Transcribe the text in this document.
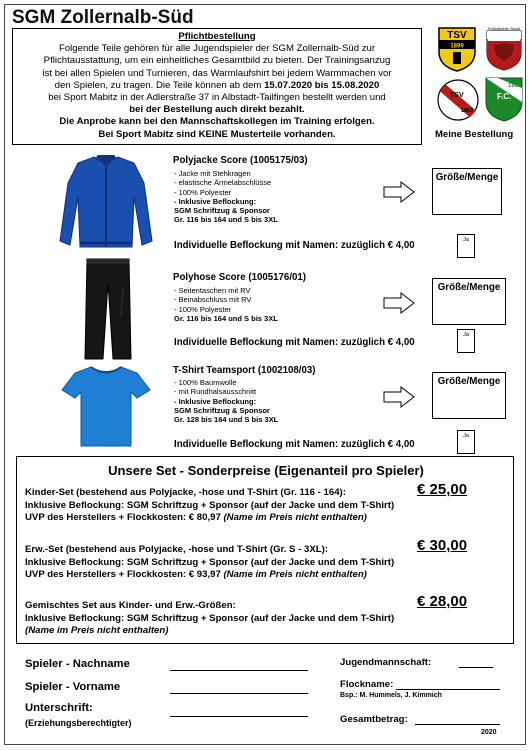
SGM Zollernalb-Süd
Pflichtbestellung
Folgende Teile gehören für alle Jugendspieler der SGM Zollernalb-Süd zur
Pflichtausstattung, um ein einheitliches Gesamtbild zu bieten. Der Trainingsanzug
ist bei allen Spielen und Turnieren, das Warmlaufshirt bei jedem Warmmachen vor
den Spielen, zu tragen. Die Teile können ab dem 15.07.2020 bis 15.08.2020
bei Sport Mabitz in der Adlerstraße 37 in Albstadt-Tailfingen bestellt werden und
bei der Bestellung auch direkt bezahlt.
Die Anprobe kann bei den Mannschaftskollegen im Training erfolgen.
Bei Sport Mabitz sind KEINE Musterteile vorhanden.
TSV
1899
Fußballverein Schalt
TSV
1863
F.C.
1957
Meine Bestellung
Polyjacke Score (1005175/03)
- Jacke mit Stehkragen
- elastische Ärmelabschlüsse
- 100% Polyester
- Inklusive Beflockung:
SGM Schriftzug & Sponsor
Gr. 116 bis 164 und S bis 3XL
Individuelle Beflockung mit Namen: zuzüglich € 4,00
Größe/Menge
Ja
Polyhose Score (1005176/01)
- Seitentaschen mit RV
- Beinabschluss mit RV
- 100% Polyester
Gr. 116 bis 164 und S bis 3XL
Individuelle Beflockung mit Namen: zuzüglich € 4,00
Größe/Menge
Ja
T-Shirt Teamsport (1002108/03)
- 100% Baumwolle
- mit Rundhalsausschnitt
- Inklusive Beflockung:
SGM Schriftzug & Sponsor
Gr. 128 bis 164 und S bis 3XL
Individuelle Beflockung mit Namen: zuzüglich € 4,00
Größe/Menge
Ja
Unsere Set - Sonderpreise (Eigenanteil pro Spieler)
Kinder-Set (bestehend aus Polyjacke, -hose und T-Shirt (Gr. 116 - 164):
Inklusive Beflockung: SGM Schriftzug + Sponsor (auf der Jacke und dem T-Shirt)
UVP des Herstellers + Flockkosten: € 80,97 (Name im Preis nicht enthalten)
€ 25,00
Erw.-Set (bestehend aus Polyjacke, -hose und T-Shirt (Gr. S - 3XL):
Inklusive Beflockung: SGM Schriftzug + Sponsor (auf der Jacke und dem T-Shirt)
UVP des Herstellers + Flockkosten: € 93,97 (Name im Preis nicht enthalten)
€ 30,00
Gemischtes Set aus Kinder- und Erw.-Größen:
Inklusive Beflockung: SGM Schriftzug + Sponsor (auf der Jacke und dem T-Shirt)
(Name im Preis nicht enthalten)
€ 28,00
Spieler - Nachname
Spieler - Vorname
Unterschrift:
(Erziehungsberechtigter)
Jugendmannschaft:
Flockname:
Bsp.: M. Hummels, J. Kimmich
Gesamtbetrag:
2020
